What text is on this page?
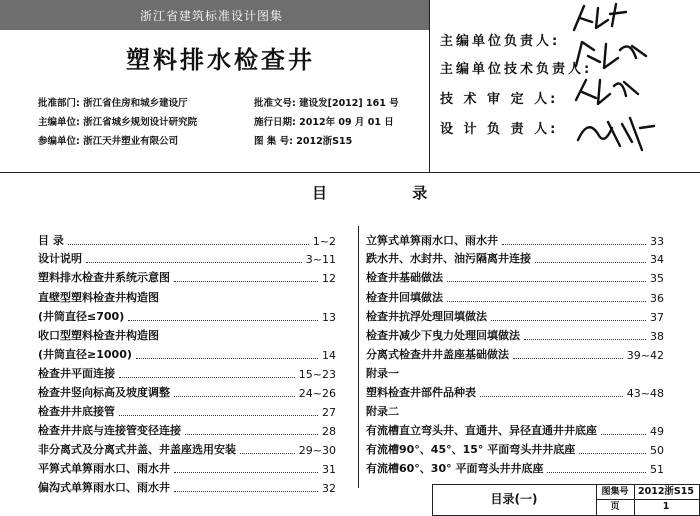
浙江省建筑标准设计图集
塑料排水检查井
批准部门: 浙江省住房和城乡建设厅
主编单位: 浙江省城乡规划设计研究院
参编单位: 浙江天井塑业有限公司
批准文号: 建设发[2012] 161 号
施行日期: 2012年 09 月 01 日
图 集 号: 2012浙S15
主编单位负责人:
主编单位技术负责人:
技 术 审 定 人:
设 计 负 责 人:
目 录
目 录	1~2
设计说明	3~11
塑料排水检查井系统示意图	12
直壁型塑料检查井构造图
(井筒直径≤700)	13
收口型塑料检查井构造图
(井筒直径≥1000)	14
检查井平面连接	15~23
检查井竖向标高及坡度调整	24~26
检查井井底接管	27
检查井井底与连接管变径连接	28
非分离式及分离式井盖、井盖座选用安装	29~30
平箅式单箅雨水口、雨水井	31
偏沟式单箅雨水口、雨水井	32
立箅式单箅雨水口、雨水井	33
跌水井、水封井、油污隔离井连接	34
检查井基础做法	35
检查井回填做法	36
检查井抗浮处理回填做法	37
检查井减少下曳力处理回填做法	38
分离式检查井井盖座基础做法	39~42
附录一
塑料检查井部件品种表	43~48
附录二
有流槽直立弯头井、直通井、异径直通井井底座	49
有流槽90°、45°、15° 平面弯头井井底座	50
有流槽60°、30° 平面弯头井井底座	51
目录(一)	图集号 2012浙S15
页	1
